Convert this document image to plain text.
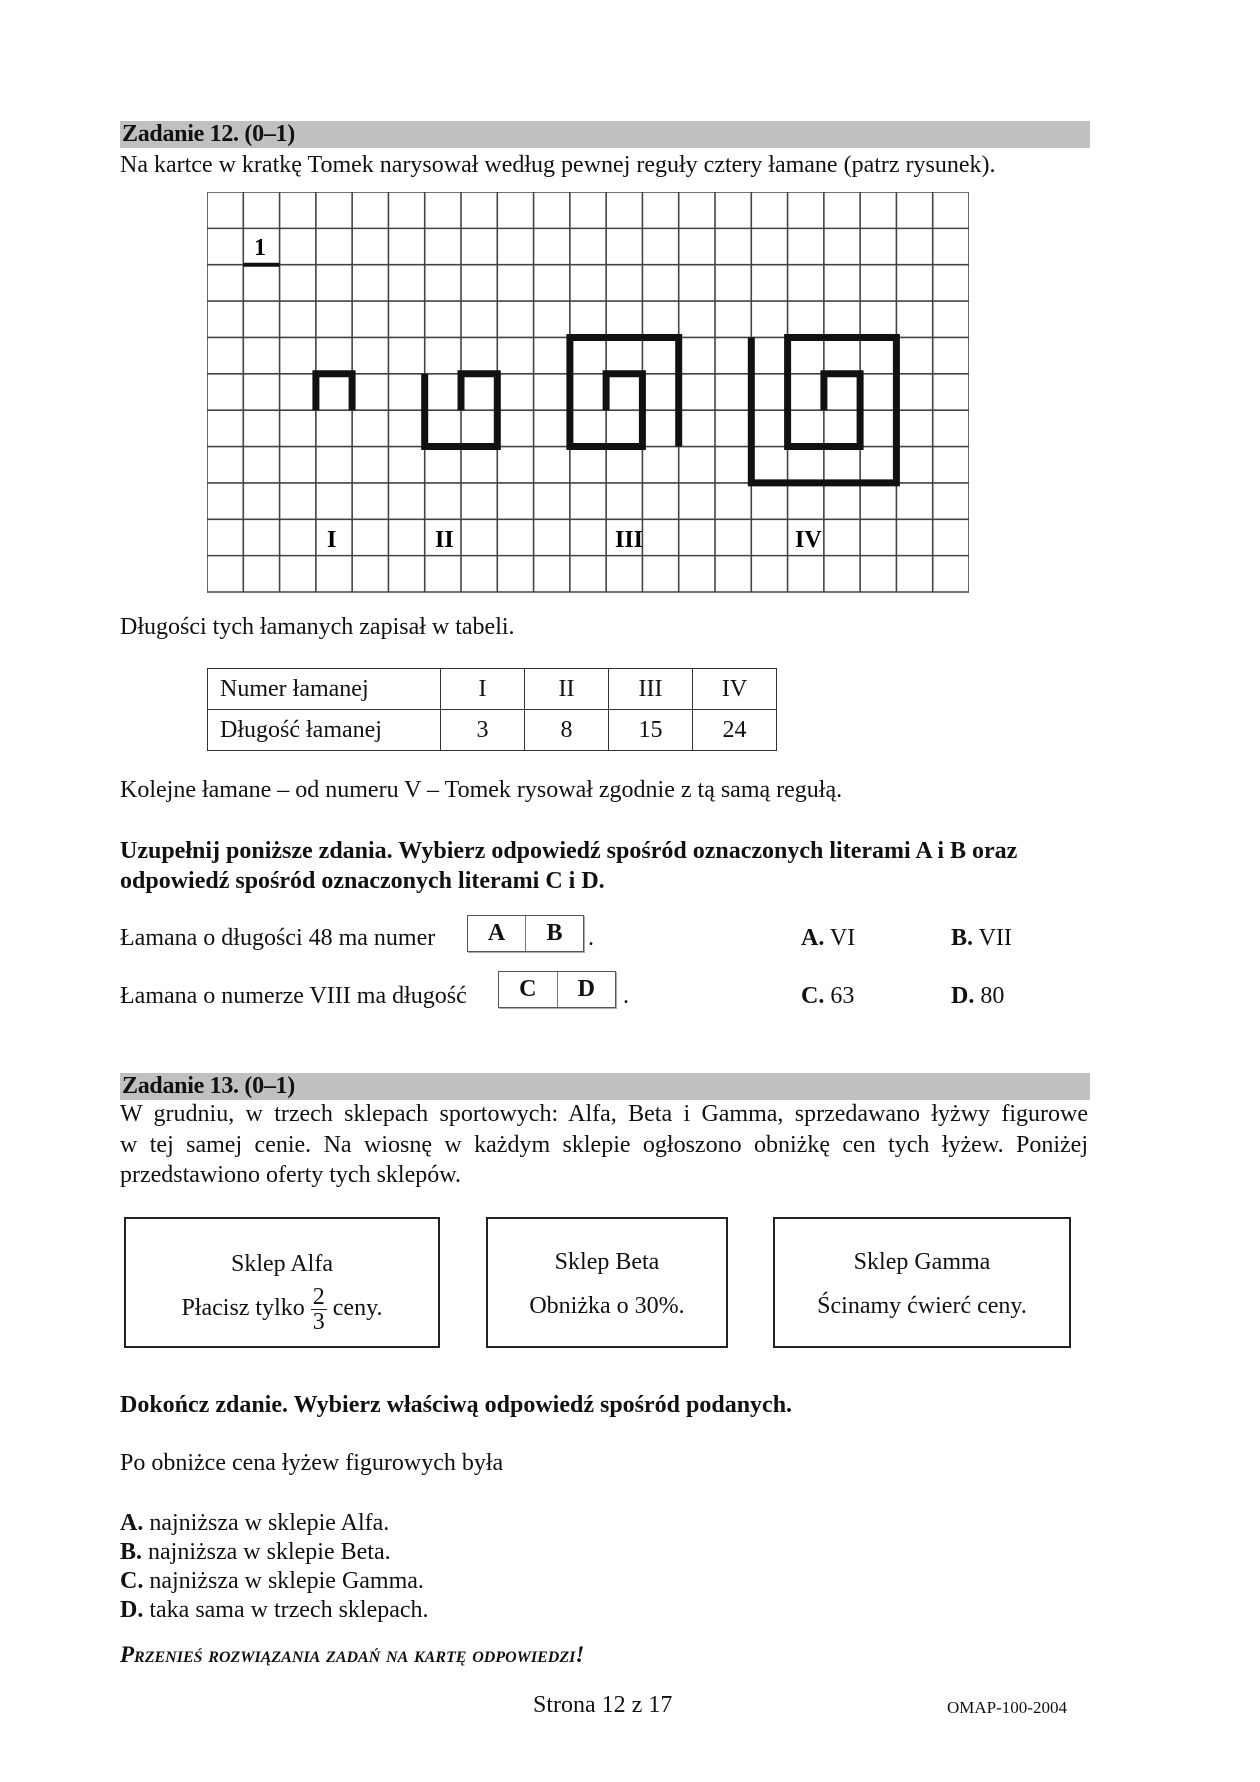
Zadanie 12. (0–1)
Na kartce w kratkę Tomek narysował według pewnej reguły cztery łamane (patrz rysunek).
1
I	II	III	IV
Długości tych łamanych zapisał w tabeli.
Numer łamanej	I	II	III	IV
Długość łamanej	3	8	15	24
Kolejne łamane – od numeru V – Tomek rysował zgodnie z tą samą regułą.
Uzupełnij poniższe zdania. Wybierz odpowiedź spośród oznaczonych literami A i B oraz
odpowiedź spośród oznaczonych literami C i D.
Łamana o długości 48 ma numer	A	B	.	A. VI	B. VII
Łamana o numerze VIII ma długość	C	D	.	C. 63	D. 80
Zadanie 13. (0–1)
W grudniu, w trzech sklepach sportowych: Alfa, Beta i Gamma, sprzedawano łyżwy figurowe
w tej samej cenie. Na wiosnę w każdym sklepie ogłoszono obniżkę cen tych łyżew. Poniżej
przedstawiono oferty tych sklepów.
Sklep Alfa
Płacisz tylko $\frac{2}{3}$ ceny.
Sklep Beta
Obniżka o 30%.
Sklep Gamma
Ścinamy ćwierć ceny.
Dokończ zdanie. Wybierz właściwą odpowiedź spośród podanych.
Po obniżce cena łyżew figurowych była
A. najniższa w sklepie Alfa.
B. najniższa w sklepie Beta.
C. najniższa w sklepie Gamma.
D. taka sama w trzech sklepach.
Przenieś rozwiązania zadań na kartę odpowiedzi!
Strona 12 z 17	OMAP-100-2004
